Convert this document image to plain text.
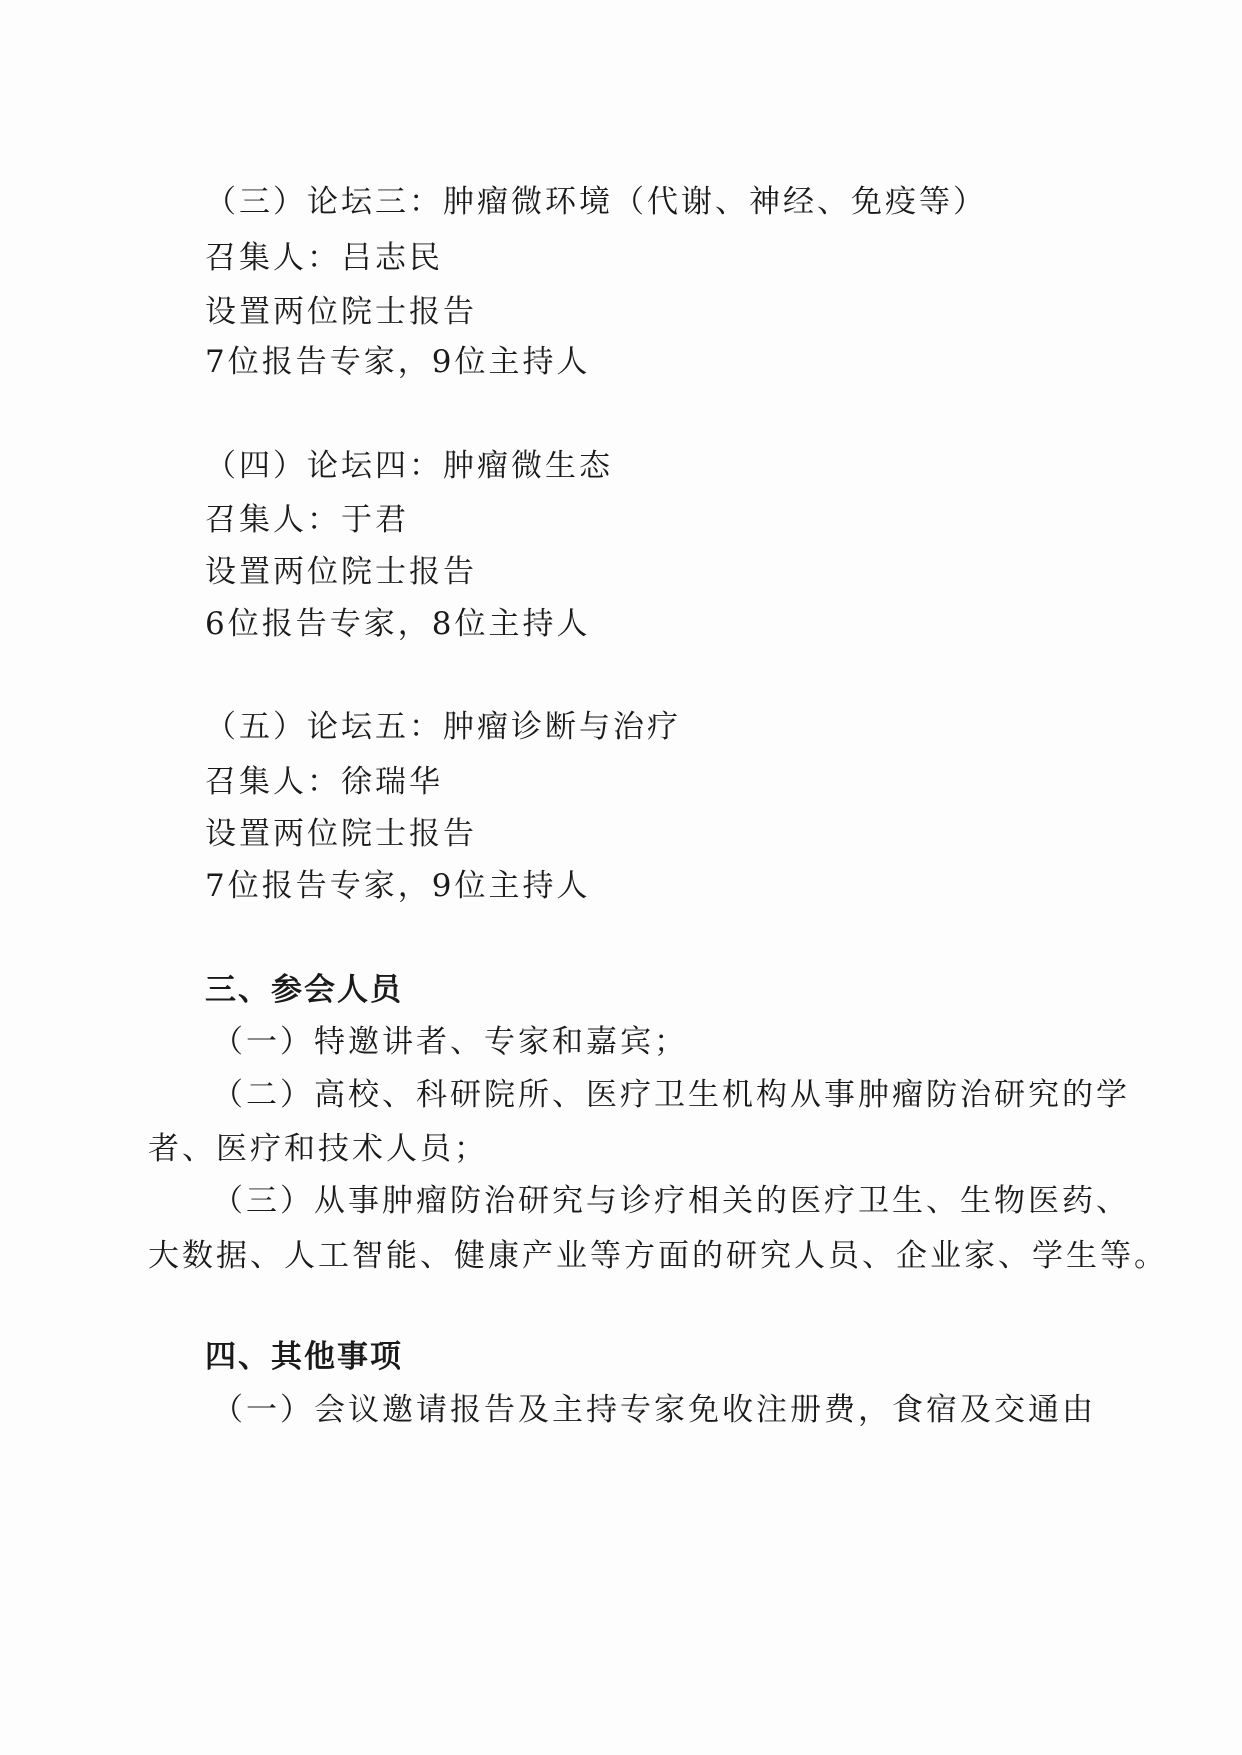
（三）论坛三：肿瘤微环境（代谢、神经、免疫等）
召集人：吕志民
设置两位院士报告
7位报告专家，9位主持人
（四）论坛四：肿瘤微生态
召集人：于君
设置两位院士报告
6位报告专家，8位主持人
（五）论坛五：肿瘤诊断与治疗
召集人：徐瑞华
设置两位院士报告
7位报告专家，9位主持人
三、参会人员
（一）特邀讲者、专家和嘉宾；
（二）高校、科研院所、医疗卫生机构从事肿瘤防治研究的学
者、医疗和技术人员；
（三）从事肿瘤防治研究与诊疗相关的医疗卫生、生物医药、
大数据、人工智能、健康产业等方面的研究人员、企业家、学生等。
四、其他事项
（一）会议邀请报告及主持专家免收注册费，食宿及交通由
